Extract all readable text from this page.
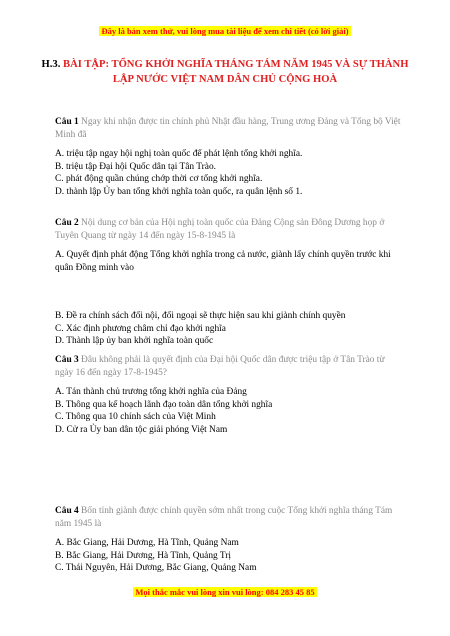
Đây là bản xem thử, vui lòng mua tài liệu để xem chi tiết (có lời giải)
H.3. BÀI TẬP: TỔNG KHỞI NGHĨA THÁNG TÁM NĂM 1945 VÀ SỰ THÀNH LẬP NƯỚC VIỆT NAM DÂN CHỦ CỘNG HOÀ

Câu 1 Ngay khi nhận được tin chính phủ Nhật đầu hàng, Trung ương Đảng và Tổng bộ Việt Minh đã

A. triệu tập ngay hội nghị toàn quốc để phát lệnh tổng khởi nghĩa.

B. triệu tập Đại hội Quốc dân tại Tân Trào.

C. phát động quần chúng chớp thời cơ tổng khởi nghĩa.

D. thành lập Ủy ban tổng khởi nghĩa toàn quốc, ra quân lệnh số 1.

Câu 2 Nội dung cơ bản của Hội nghị toàn quốc của Đảng Cộng sản Đông Dương họp ở Tuyên Quang từ ngày 14 đến ngày 15-8-1945 là

A. Quyết định phát động Tổng khởi nghĩa trong cả nước, giành lấy chính quyền trước khi quân Đồng minh vào

B. Đề ra chính sách đối nội, đối ngoại sẽ thực hiện sau khi giành chính quyền

C. Xác định phương châm chỉ đạo khởi nghĩa

D. Thành lập ủy ban khởi nghĩa toàn quốc

Câu 3 Đâu không phải là quyết định của Đại hội Quốc dân được triệu tập ở Tân Trào từ ngày 16 đến ngày 17-8-1945?

A. Tán thành chủ trương tổng khởi nghĩa của Đảng

B. Thông qua kế hoạch lãnh đạo toàn dân tổng khởi nghĩa

C. Thông qua 10 chính sách của Việt Minh

D. Cử ra Ủy ban dân tộc giải phóng Việt Nam

Câu 4 Bốn tỉnh giành được chính quyền sớm nhất trong cuộc Tổng khởi nghĩa tháng Tám năm 1945 là

A. Bắc Giang, Hải Dương, Hà Tĩnh, Quảng Nam

B. Bắc Giang, Hải Dương, Hà Tĩnh, Quảng Trị

C. Thái Nguyên, Hải Dương, Bắc Giang, Quảng Nam

Mọi thắc mắc vui lòng xin vui lòng: 084 283 45 85
